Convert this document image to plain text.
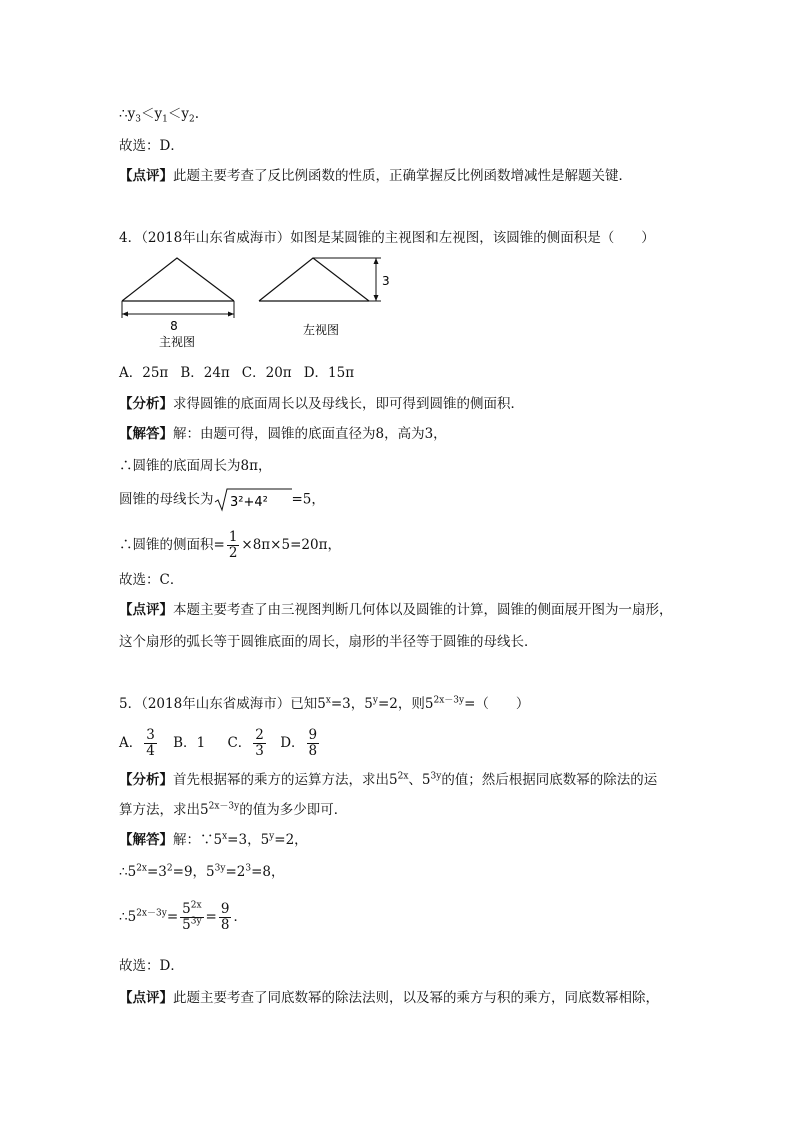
$\therefore y_3<y_1<y_2$.
故选：D．
【点评】此题主要考查了反比例函数的性质，正确掌握反比例函数增减性是解题关键．
4．（2018年山东省威海市）如图是某圆锥的主视图和左视图，该圆锥的侧面积是（　　）
8
主视图
3
左视图
A．25π B．24π C．20π D．15π
【分析】求得圆锥的底面周长以及母线长，即可得到圆锥的侧面积．
【解答】解：由题可得，圆锥的底面直径为8，高为3，
∴圆锥的底面周长为8π，
圆锥的母线长为 3²+4² =5，
∴圆锥的侧面积= $\frac{1}{2} \times 8\pi\times 5=20\pi$，
故选：C．
【点评】本题主要考查了由三视图判断几何体以及圆锥的计算，圆锥的侧面展开图为一扇形，
这个扇形的弧长等于圆锥底面的周长，扇形的半径等于圆锥的母线长．
5．（2018年山东省威海市）已知$5^x=3$，$5^y=2$，则$5^{2x-3y}=$（　　）
A． $\frac{3}{4}$ B．1 C． $\frac{2}{3}$ D． $\frac{9}{8}$
【分析】首先根据幂的乘方的运算方法，求出$5^{2x}$、$5^{3y}$的值；然后根据同底数幂的除法的运
算方法，求出$5^{2x-3y}$的值为多少即可．
【解答】解：$\because 5^x=3$，$5^y=2$，
$\therefore 5^{2x}=3^2=9$，$5^{3y}=2^3=8$，
$\therefore 5^{2x-3y}= \frac{5^{2x}}{5^{3y}} = \frac{9}{8}$ ．
故选：D．
【点评】此题主要考查了同底数幂的除法法则，以及幂的乘方与积的乘方，同底数幂相除，
